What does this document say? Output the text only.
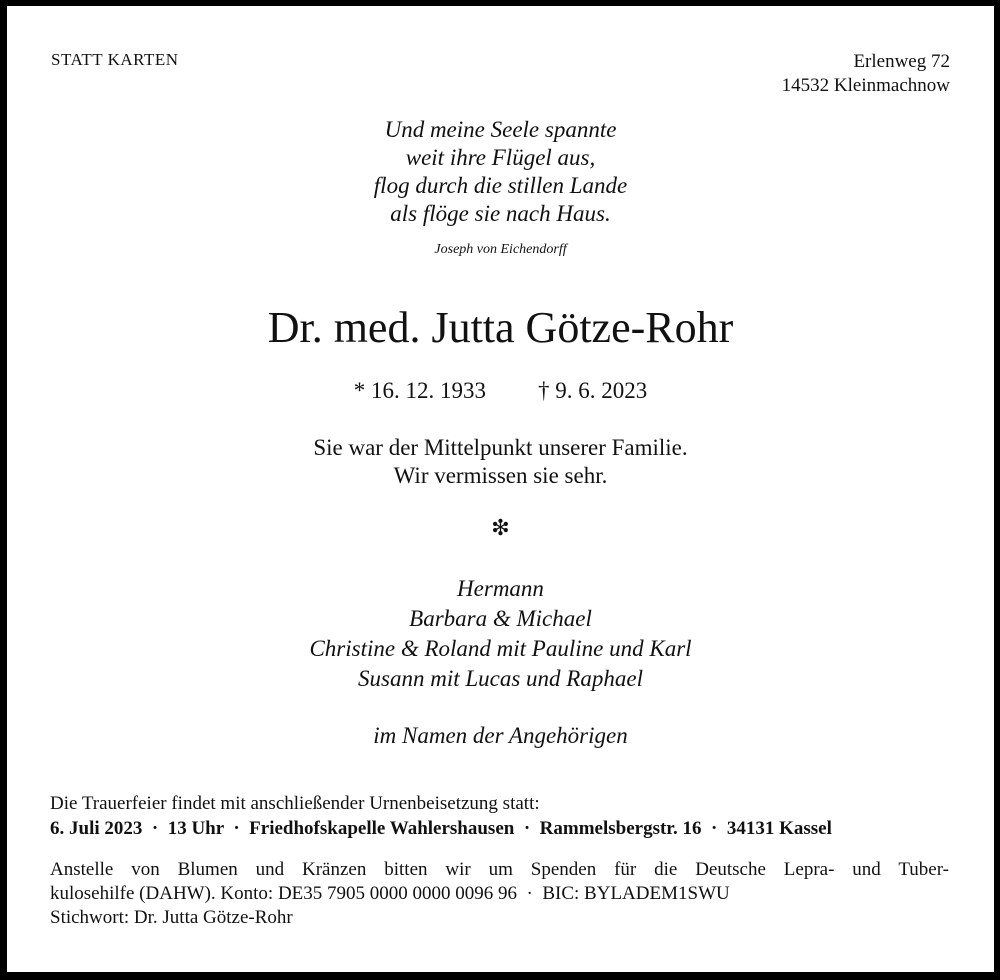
STATT KARTEN	Erlenweg 72
14532 Kleinmachnow
Und meine Seele spannte
weit ihre Flügel aus,
flog durch die stillen Lande
als flöge sie nach Haus.
Joseph von Eichendorff
Dr. med. Jutta Götze-Rohr
* 16. 12. 1933 † 9. 6. 2023
Sie war der Mittelpunkt unserer Familie.
Wir vermissen sie sehr.
❇
Hermann
Barbara & Michael
Christine & Roland mit Pauline und Karl
Susann mit Lucas und Raphael
im Namen der Angehörigen
Die Trauerfeier findet mit anschließender Urnenbeisetzung statt:
6. Juli 2023  ·  13 Uhr  ·  Friedhofskapelle Wahlershausen  ·  Rammelsbergstr. 16  ·  34131 Kassel
Anstelle von Blumen und Kränzen bitten wir um Spenden für die Deutsche Lepra- und Tuber-
kulosehilfe (DAHW). Konto: DE35 7905 0000 0000 0096 96  ·  BIC: BYLADEM1SWU
Stichwort: Dr. Jutta Götze-Rohr
